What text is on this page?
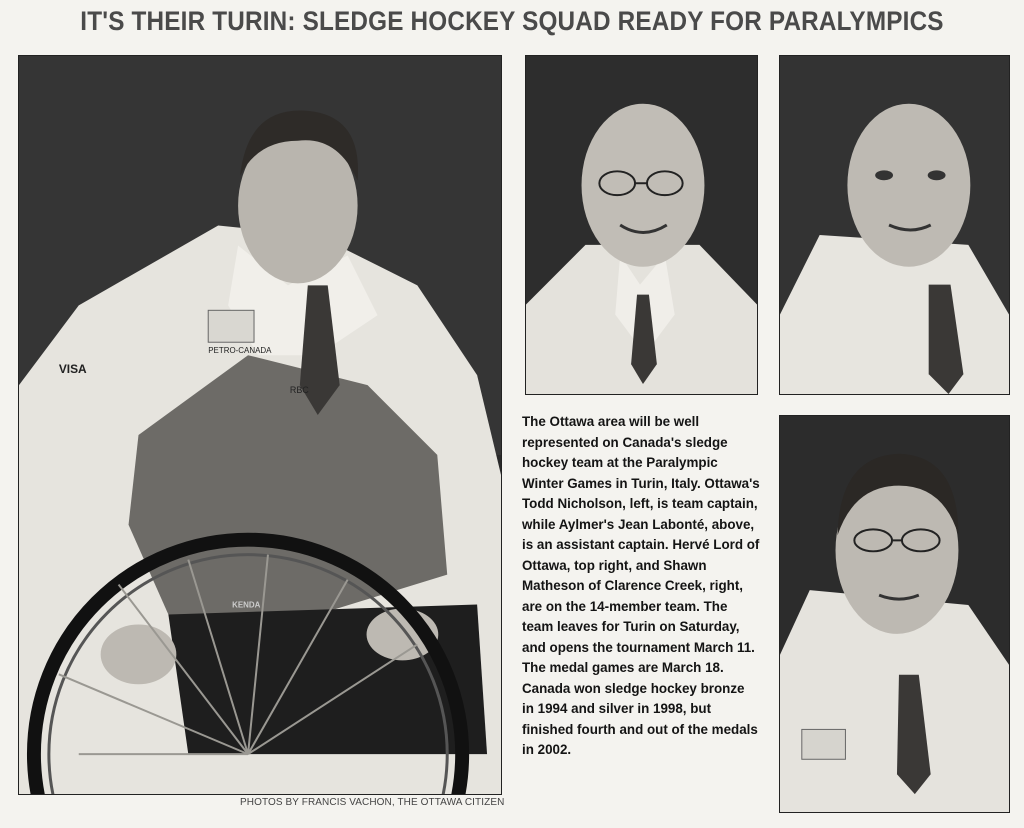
IT'S THEIR TURIN: SLEDGE HOCKEY SQUAD READY FOR PARALYMPICS
PETRO-CANADA
VISA
RBC
KENDA
PHOTOS BY FRANCIS VACHON, THE OTTAWA CITIZEN
The Ottawa area will be well represented on Canada's sledge hockey team at the Paralympic Winter Games in Turin, Italy. Ottawa's Todd Nicholson, left, is team captain, while Aylmer's Jean Labonté, above, is an assistant captain. Hervé Lord of Ottawa, top right, and Shawn Matheson of Clarence Creek, right, are on the 14-member team. The team leaves for Turin on Saturday, and opens the tournament March 11. The medal games are March 18. Canada won sledge hockey bronze in 1994 and silver in 1998, but finished fourth and out of the medals in 2002.
